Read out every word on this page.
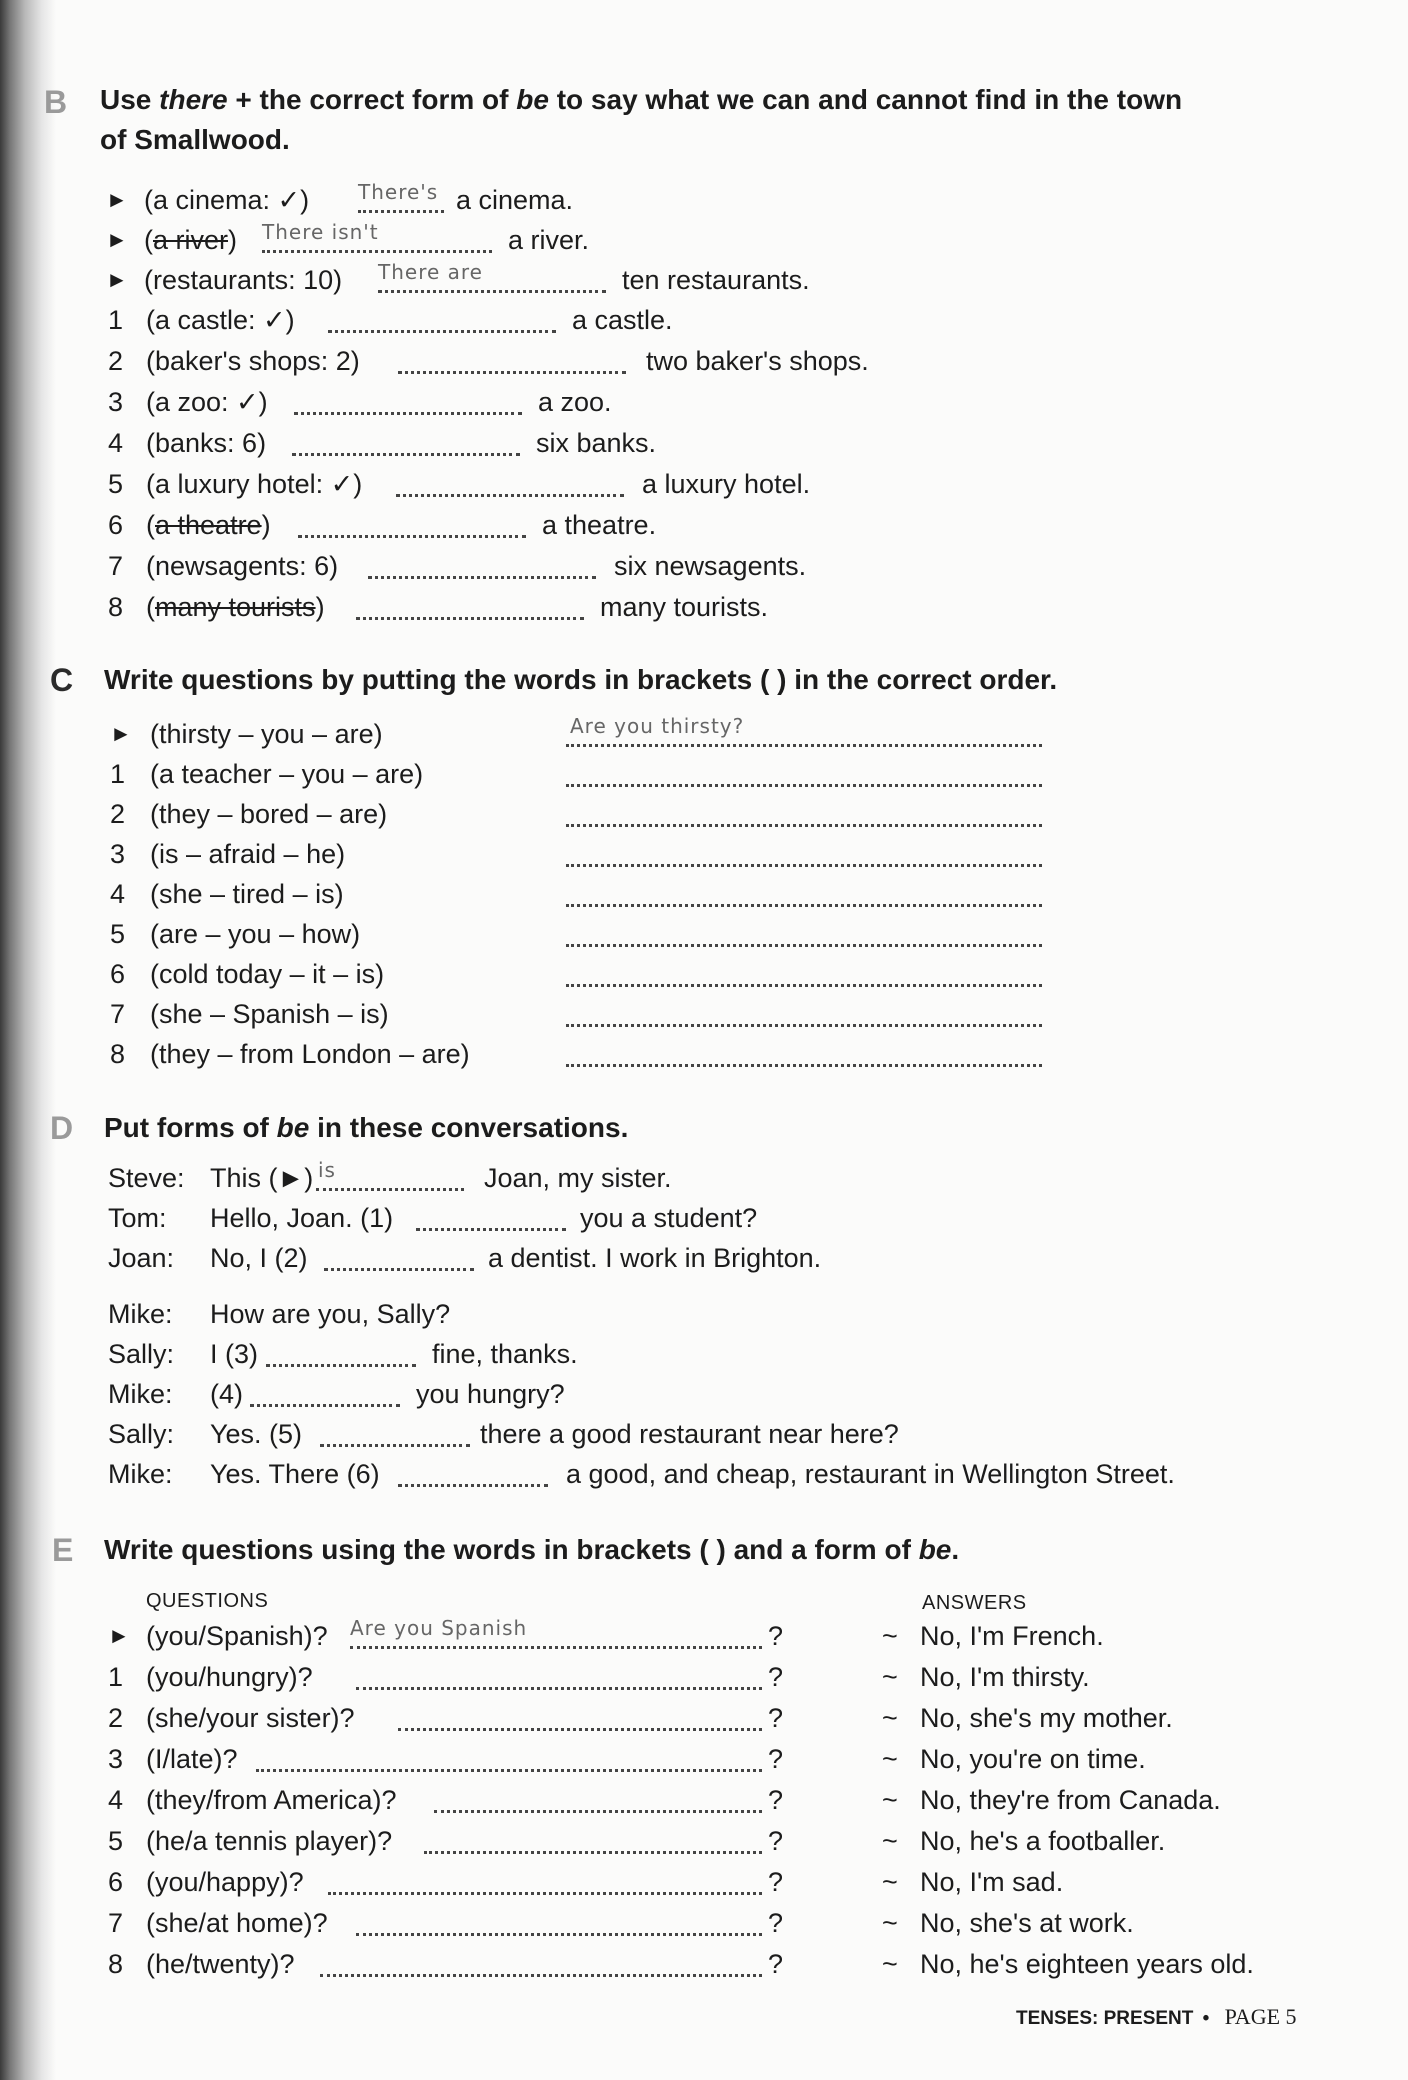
B Use there + the correct form of be to say what we can and cannot find in the town
of Smallwood.
► (a cinema: ✓) There's a cinema.
► (a river) There isn't	a river.
► (restaurants: 10) There are	ten restaurants.
1 (a castle: ✓)	a castle.
2 (baker's shops: 2)	two baker's shops.
3 (a zoo: ✓)	a zoo.
4 (banks: 6)	six banks.
5 (a luxury hotel: ✓)	a luxury hotel.
6 (a theatre)	a theatre.
7 (newsagents: 6)	six newsagents.
8 (many tourists)	many tourists.
C Write questions by putting the words in brackets ( ) in the correct order.
► (thirsty – you – are)	Are you thirsty?
1 (a teacher – you – are)
2 (they – bored – are)
3 (is – afraid – he)
4 (she – tired – is)
5 (are – you – how)
6 (cold today – it – is)
7 (she – Spanish – is)
8 (they – from London – are)
D Put forms of be in these conversations.
Steve: This (►) is	Joan, my sister.
Tom:	Hello, Joan. (1)	you a student?
Joan:	No, I (2)	a dentist. I work in Brighton.
Mike:	How are you, Sally?
Sally:	I (3)	fine, thanks.
Mike:	(4)	you hungry?
Sally:	Yes. (5)	there a good restaurant near here?
Mike:	Yes. There (6)	a good, and cheap, restaurant in Wellington Street.
E Write questions using the words in brackets ( ) and a form of be.
QUESTIONS	ANSWERS
► (you/Spanish)? Are you Spanish	?	~ No, I'm French.
1 (you/hungry)?	?	~ No, I'm thirsty.
2 (she/your sister)?	?	~ No, she's my mother.
3 (I/late)?	?	~ No, you're on time.
4 (they/from America)?	?	~ No, they're from Canada.
5 (he/a tennis player)?	?	~ No, he's a footballer.
6 (you/happy)?	?	~ No, I'm sad.
7 (she/at home)?	?	~ No, she's at work.
8 (he/twenty)?	?	~ No, he's eighteen years old.
TENSES: PRESENT • PAGE 5
